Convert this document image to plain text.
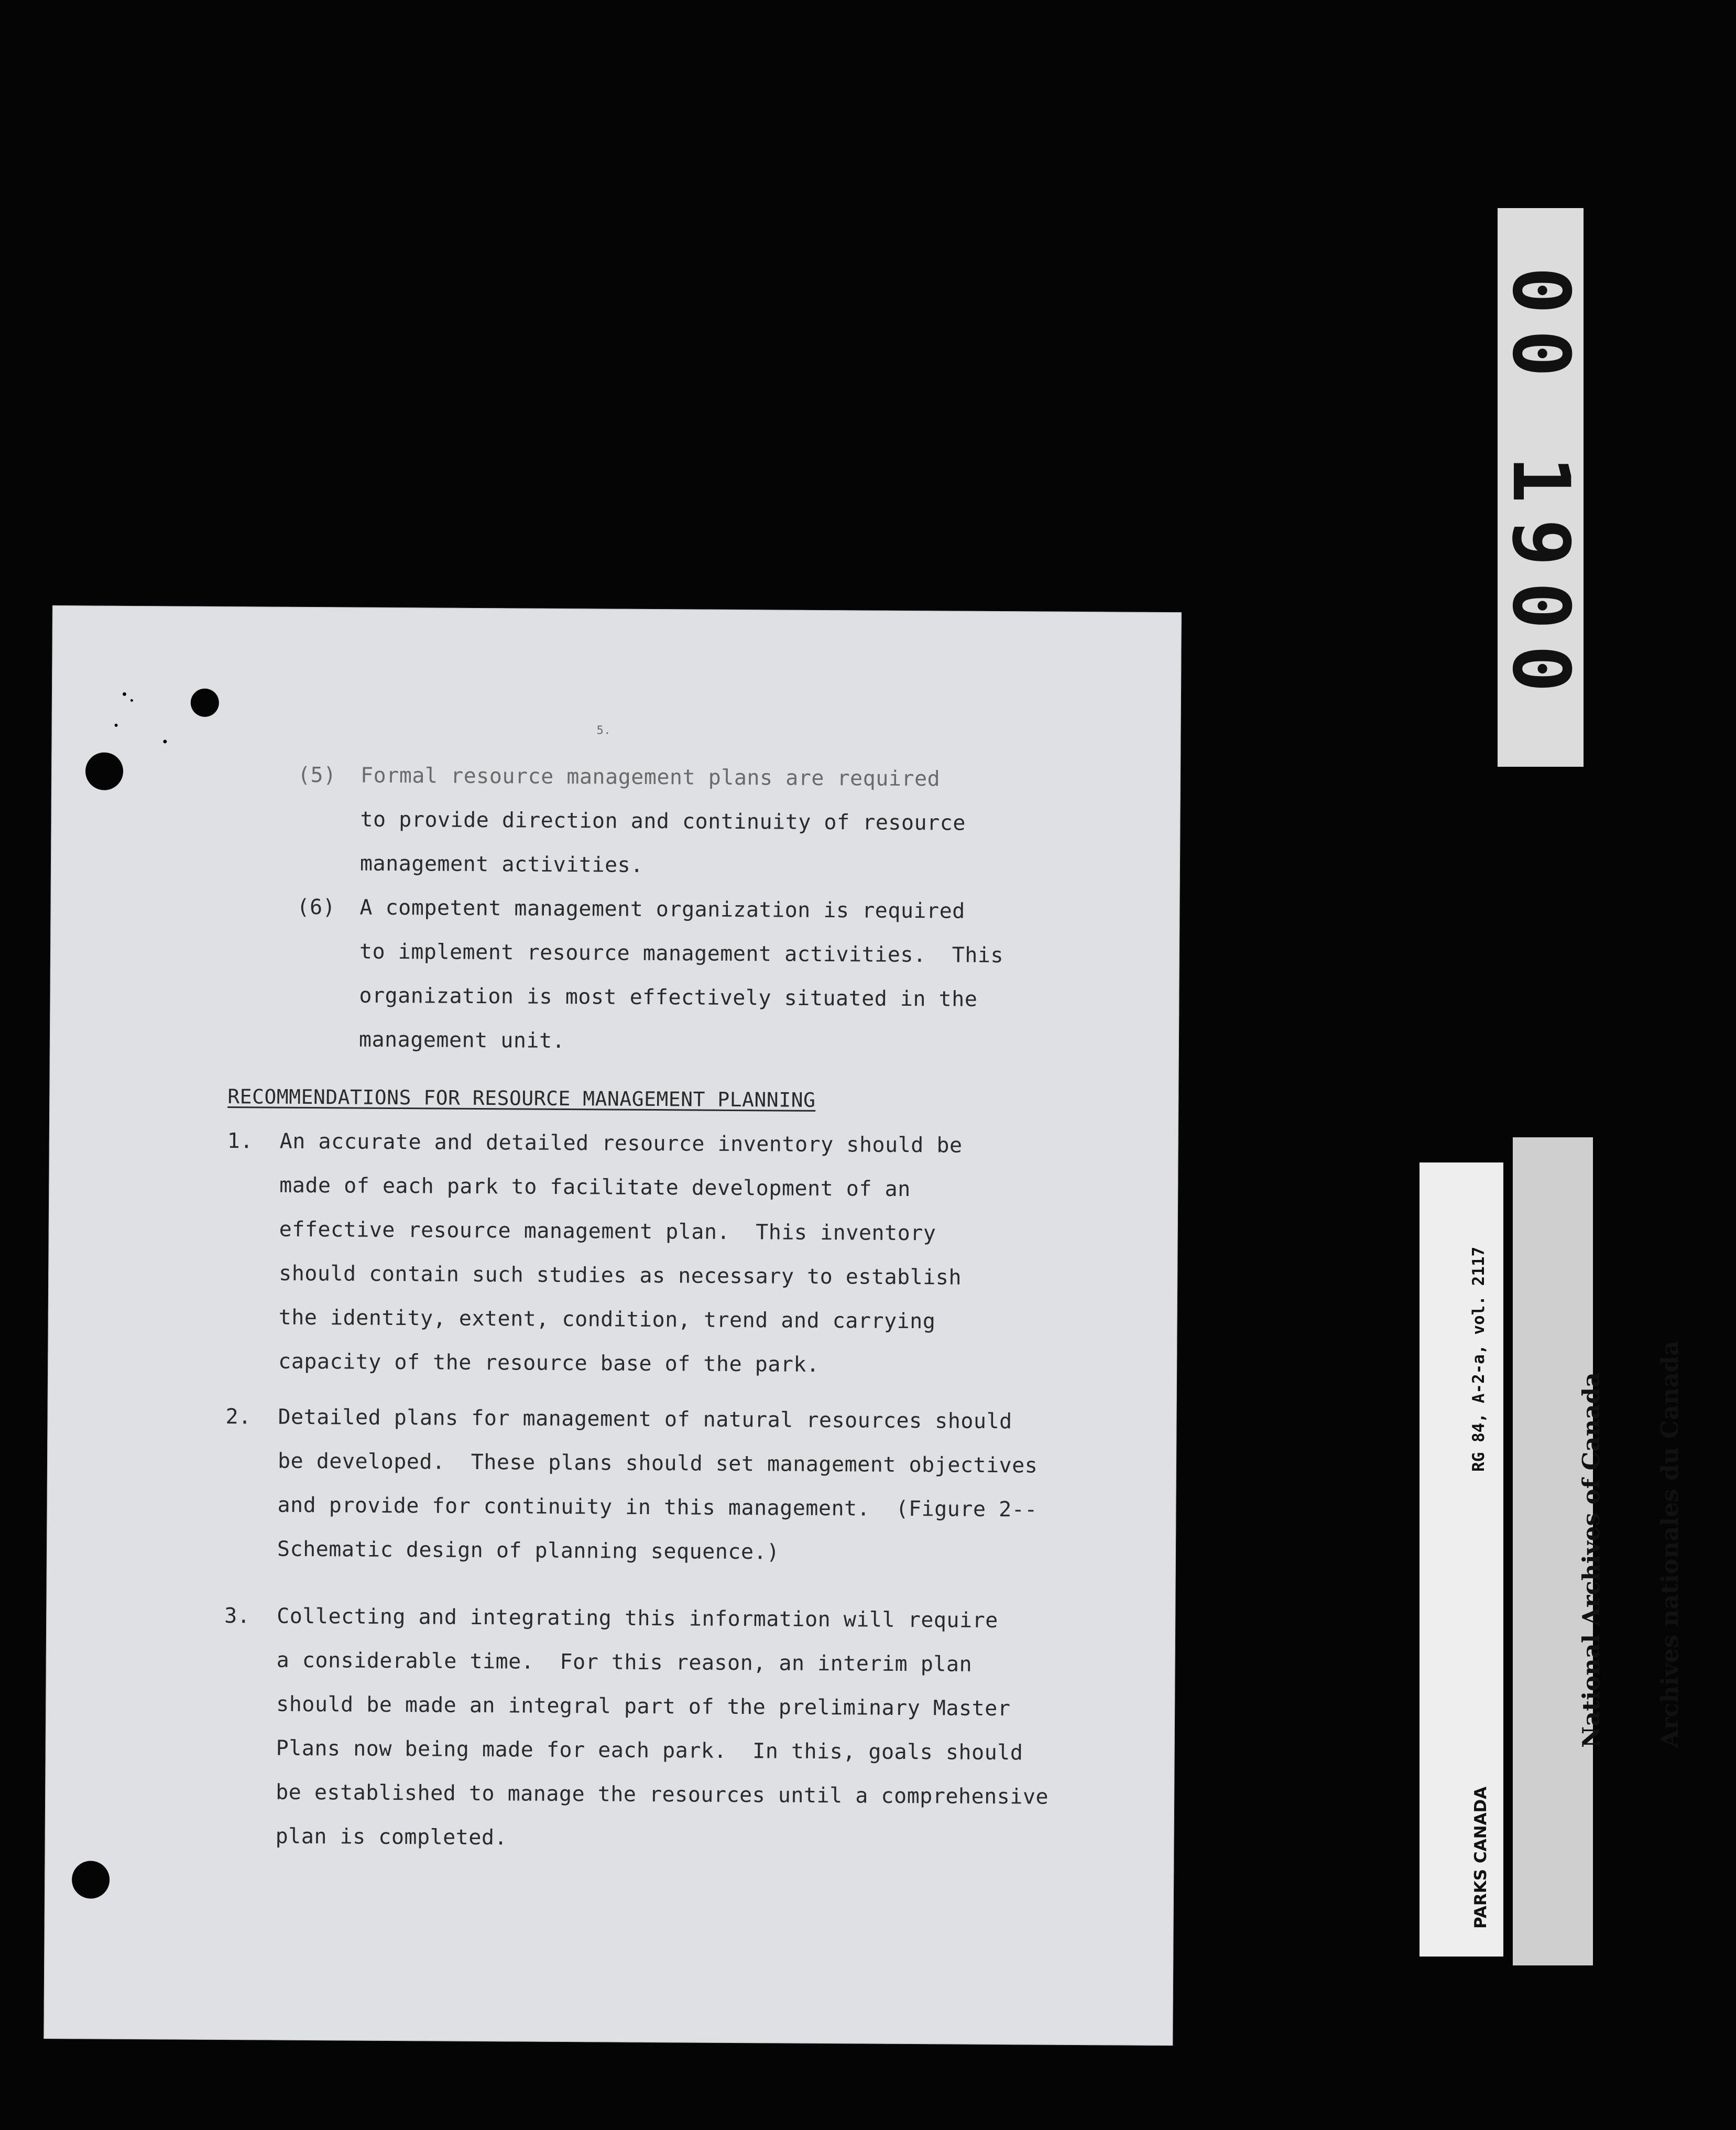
5.
(5) Formal resource management plans are required
to provide direction and continuity of resource
management activities.
(6) A competent management organization is required
to implement resource management activities.  This
organization is most effectively situated in the
management unit.
RECOMMENDATIONS FOR RESOURCE MANAGEMENT PLANNING
1. An accurate and detailed resource inventory should be
made of each park to facilitate development of an
effective resource management plan.  This inventory
should contain such studies as necessary to establish
the identity, extent, condition, trend and carrying
capacity of the resource base of the park.
2. Detailed plans for management of natural resources should
be developed.  These plans should set management objectives
and provide for continuity in this management.  (Figure 2--
Schematic design of planning sequence.)
3. Collecting and integrating this information will require
a considerable time.  For this reason, an interim plan
should be made an integral part of the preliminary Master
Plans now being made for each park.  In this, goals should
be established to manage the resources until a comprehensive
plan is completed.
00 1900

PARKS CANADA

RG 84, A-2-a, vol. 2117

National Archives of Canada

Archives nationales du Canada
